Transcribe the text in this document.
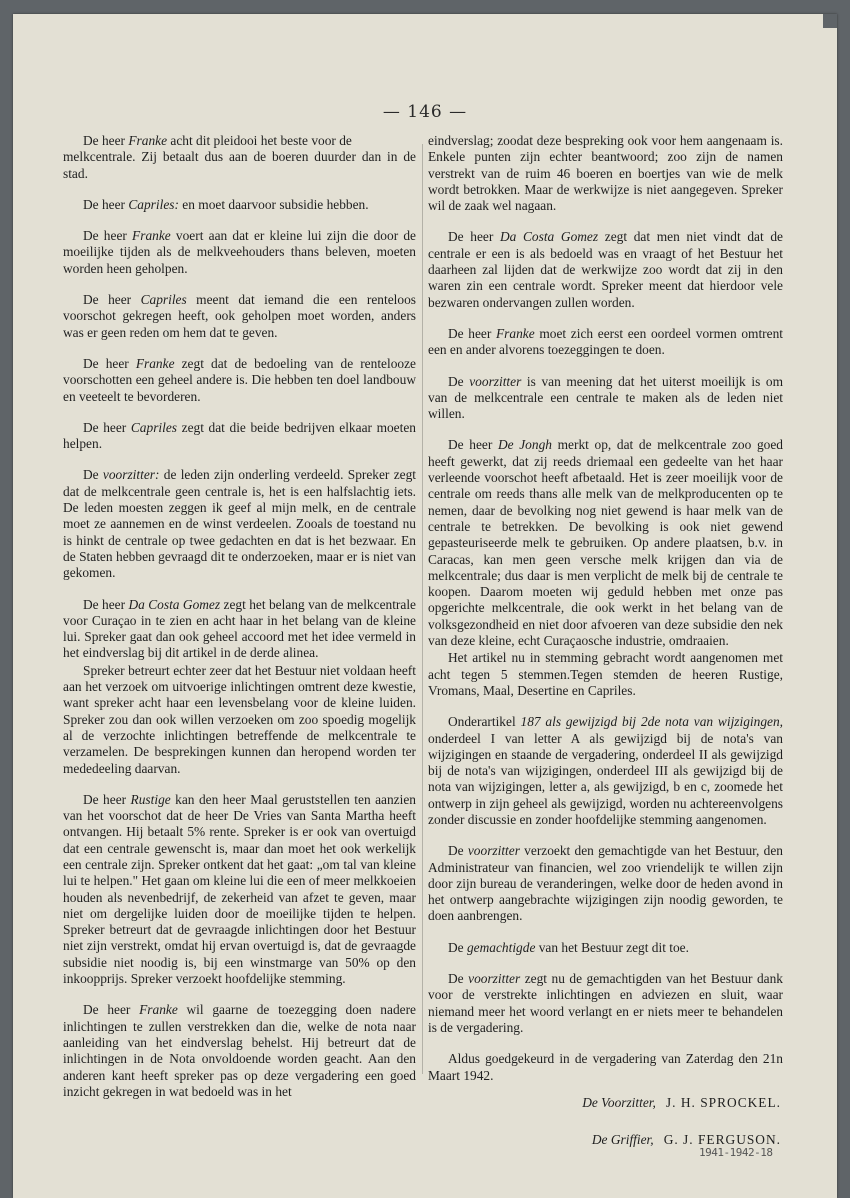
— 146 —

De heer Franke acht dit pleidooi het beste voor de

melkcentrale. Zij betaalt dus aan de boeren duurder dan in de stad.

De heer Capriles: en moet daarvoor subsidie hebben.

De heer Franke voert aan dat er kleine lui zijn die door de moeilijke tijden als de melkveehouders thans beleven, moeten worden heen geholpen.

De heer Capriles meent dat iemand die een renteloos voorschot gekregen heeft, ook geholpen moet worden, anders was er geen reden om hem dat te geven.

De heer Franke zegt dat de bedoeling van de rentelooze voorschotten een geheel andere is. Die hebben ten doel landbouw en veeteelt te bevorderen.

De heer Capriles zegt dat die beide bedrijven elkaar moeten helpen.

De voorzitter: de leden zijn onderling verdeeld. Spreker zegt dat de melkcentrale geen centrale is, het is een halfslachtig iets. De leden moesten zeggen ik geef al mijn melk, en de centrale moet ze aannemen en de winst verdeelen. Zooals de toestand nu is hinkt de centrale op twee gedachten en dat is het bezwaar. En de Staten hebben gevraagd dit te onderzoeken, maar er is niet van gekomen.

De heer Da Costa Gomez zegt het belang van de melkcentrale voor Curaçao in te zien en acht haar in het belang van de kleine lui. Spreker gaat dan ook geheel accoord met het idee vermeld in het eindverslag bij dit artikel in de derde alinea.

Spreker betreurt echter zeer dat het Bestuur niet voldaan heeft aan het verzoek om uitvoerige inlichtingen omtrent deze kwestie, want spreker acht haar een levensbelang voor de kleine luiden. Spreker zou dan ook willen verzoeken om zoo spoedig mogelijk al de verzochte inlichtingen betreffende de melkcentrale te verzamelen. De besprekingen kunnen dan heropend worden ter mededeeling daarvan.

De heer Rustige kan den heer Maal geruststellen ten aanzien van het voorschot dat de heer De Vries van Santa Martha heeft ontvangen. Hij betaalt 5% rente. Spreker is er ook van overtuigd dat een centrale gewenscht is, maar dan moet het ook werkelijk een centrale zijn. Spreker ontkent dat het gaat: „om tal van kleine lui te helpen." Het gaan om kleine lui die een of meer melkkoeien houden als nevenbedrijf, de zekerheid van afzet te geven, maar niet om dergelijke luiden door de moeilijke tijden te helpen. Spreker betreurt dat de gevraagde inlichtingen door het Bestuur niet zijn verstrekt, omdat hij ervan overtuigd is, dat de gevraagde subsidie niet noodig is, bij een winstmarge van 50% op den inkoopprijs. Spreker verzoekt hoofdelijke stemming.

De heer Franke wil gaarne de toezegging doen nadere inlichtingen te zullen verstrekken dan die, welke de nota naar aanleiding van het eindverslag behelst. Hij betreurt dat de inlichtingen in de Nota onvoldoende worden geacht. Aan den anderen kant heeft spreker pas op deze vergadering een goed inzicht gekregen in wat bedoeld was in het

eindverslag; zoodat deze bespreking ook voor hem aangenaam is. Enkele punten zijn echter beantwoord; zoo zijn de namen verstrekt van de ruim 46 boeren en boertjes van wie de melk wordt betrokken. Maar de werkwijze is niet aangegeven. Spreker wil de zaak wel nagaan.

De heer Da Costa Gomez zegt dat men niet vindt dat de centrale er een is als bedoeld was en vraagt of het Bestuur het daarheen zal lijden dat de werkwijze zoo wordt dat zij in den waren zin een centrale wordt. Spreker meent dat hierdoor vele bezwaren ondervangen zullen worden.

De heer Franke moet zich eerst een oordeel vormen omtrent een en ander alvorens toezeggingen te doen.

De voorzitter is van meening dat het uiterst moeilijk is om van de melkcentrale een centrale te maken als de leden niet willen.

De heer De Jongh merkt op, dat de melkcentrale zoo goed heeft gewerkt, dat zij reeds driemaal een gedeelte van het haar verleende voorschot heeft afbetaald. Het is zeer moeilijk voor de centrale om reeds thans alle melk van de melkproducenten op te nemen, daar de bevolking nog niet gewend is haar melk van de centrale te betrekken. De bevolking is ook niet gewend gepasteuriseerde melk te gebruiken. Op andere plaatsen, b.v. in Caracas, kan men geen versche melk krijgen dan via de melkcentrale; dus daar is men verplicht de melk bij de centrale te koopen. Daarom moeten wij geduld hebben met onze pas opgerichte melkcentrale, die ook werkt in het belang van de volksgezondheid en niet door afvoeren van deze subsidie den nek van deze kleine, echt Curaçaosche industrie, omdraaien.

Het artikel nu in stemming gebracht wordt aangenomen met acht tegen 5 stemmen.Tegen stemden de heeren Rustige, Vromans, Maal, Desertine en Capriles.

Onderartikel 187 als gewijzigd bij 2de nota van wijzigingen, onderdeel I van letter A als gewijzigd bij de nota's van wijzigingen en staande de vergadering, onderdeel II als gewijzigd bij de nota's van wijzigingen, onderdeel III als gewijzigd bij de nota van wijzigingen, letter a, als gewijzigd, b en c, zoomede het ontwerp in zijn geheel als gewijzigd, worden nu achtereenvolgens zonder discussie en zonder hoofdelijke stemming aangenomen.

De voorzitter verzoekt den gemachtigde van het Bestuur, den Administrateur van financien, wel zoo vriendelijk te willen zijn door zijn bureau de veranderingen, welke door de heden avond in het ontwerp aangebrachte wijzigingen zijn noodig geworden, te doen aanbrengen.

De gemachtigde van het Bestuur zegt dit toe.

De voorzitter zegt nu de gemachtigden van het Bestuur dank voor de verstrekte inlichtingen en adviezen en sluit, waar niemand meer het woord verlangt en er niets meer te behandelen is de vergadering.

Aldus goedgekeurd in de vergadering van Zaterdag den 21n Maart 1942.

De Voorzitter, J. H. SPROCKEL.

De Griffier, G. J. FERGUSON.

1941-1942-18
